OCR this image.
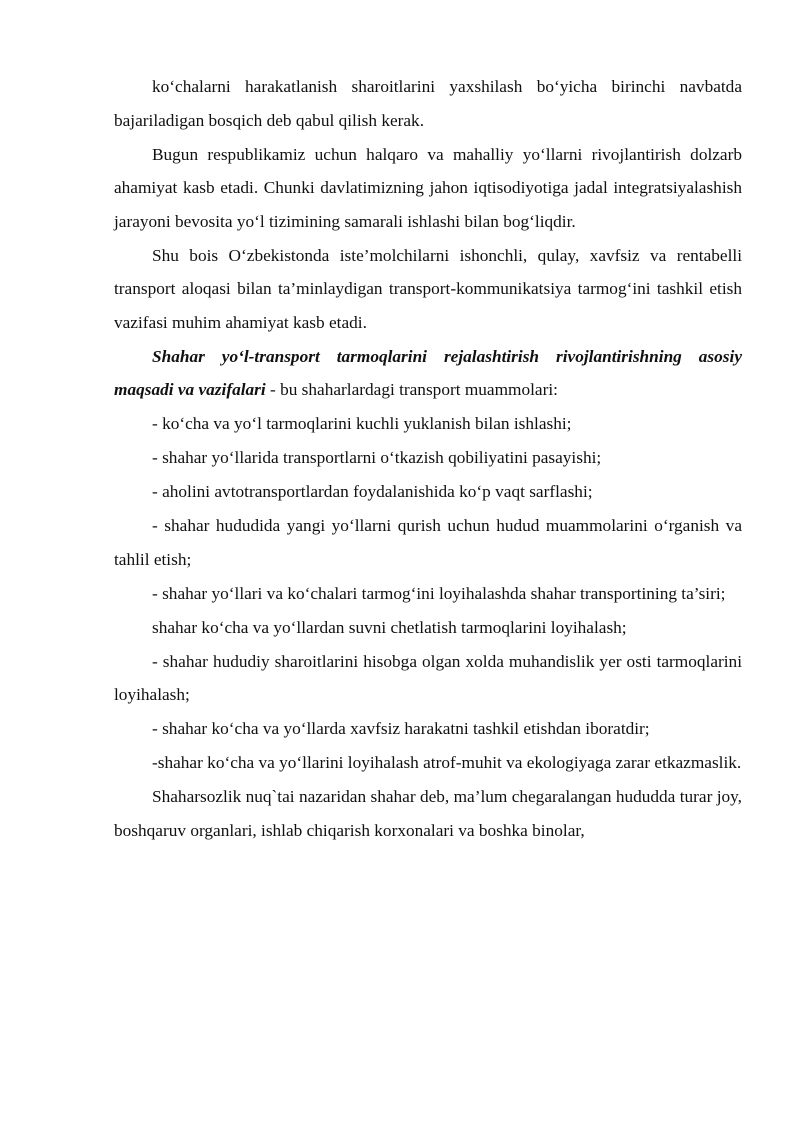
ko‘chalarni harakatlanish sharoitlarini yaxshilash bo‘yicha birinchi navbatda bajariladigan bosqich deb qabul qilish kerak.

Bugun respublikamiz uchun halqaro va mahalliy yo‘llarni rivojlantirish dolzarb ahamiyat kasb etadi. Chunki davlatimizning jahon iqtisodiyotiga jadal integratsiyalashish jarayoni bevosita yo‘l tizimining samarali ishlashi bilan bog‘liqdir.

Shu bois O‘zbekistonda iste’molchilarni ishonchli, qulay, xavfsiz va rentabelli transport aloqasi bilan ta’minlaydigan transport-kommunikatsiya tarmog‘ini tashkil etish vazifasi muhim ahamiyat kasb etadi.

Shahar yo‘l-transport tarmoqlarini rejalashtirish rivojlantirishning asosiy maqsadi va vazifalari - bu shaharlardagi transport muammolari:

- ko‘cha va yo‘l tarmoqlarini kuchli yuklanish bilan ishlashi;

- shahar yo‘llarida transportlarni o‘tkazish qobiliyatini pasayishi;

- aholini avtotransportlardan foydalanishida ko‘p vaqt sarflashi;

- shahar hududida yangi yo‘llarni qurish uchun hudud muammolarini o‘rganish va tahlil etish;

- shahar yo‘llari va ko‘chalari tarmog‘ini loyihalashda shahar transportining ta’siri;

shahar ko‘cha va yo‘llardan suvni chetlatish tarmoqlarini loyihalash;

- shahar hududiy sharoitlarini hisobga olgan xolda muhandislik yer osti tarmoqlarini loyihalash;

- shahar ko‘cha va yo‘llarda xavfsiz harakatni tashkil etishdan iboratdir;

-shahar ko‘cha va yo‘llarini loyihalash atrof-muhit va ekologiyaga zarar etkazmaslik.

Shaharsozlik nuq`tai nazaridan shahar deb, ma’lum chegaralangan hududda turar joy, boshqaruv organlari, ishlab chiqarish korxonalari va boshka binolar,
